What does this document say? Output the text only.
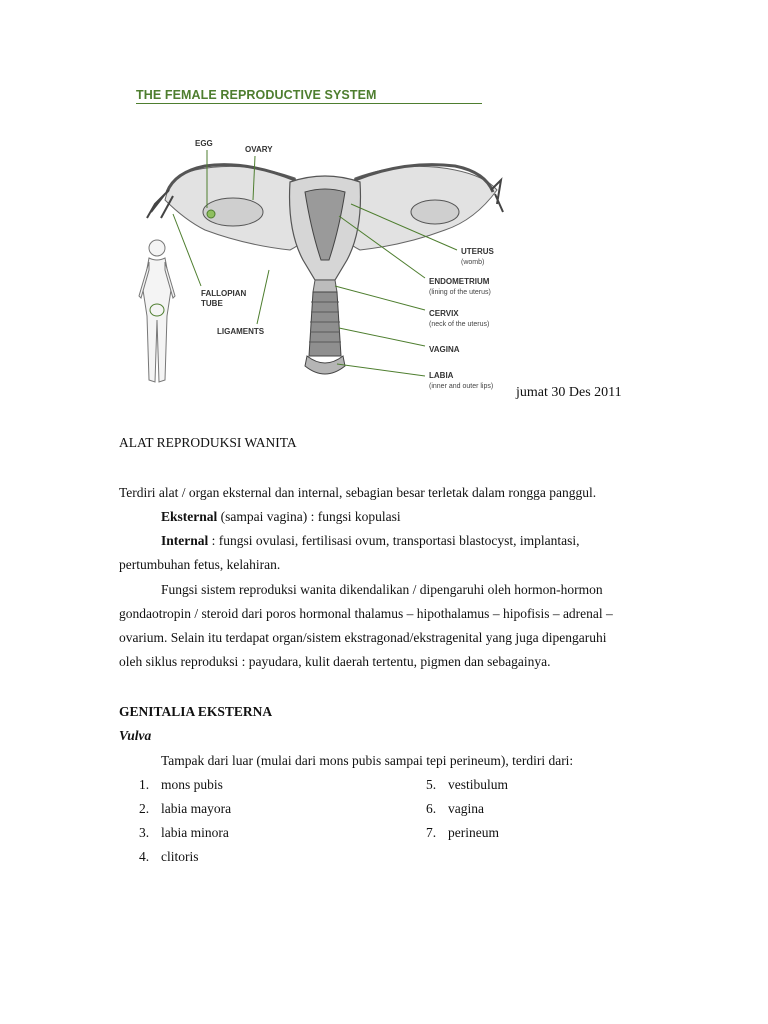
THE FEMALE REPRODUCTIVE SYSTEM
EGG
OVARY
FALLOPIAN
TUBE
LIGAMENTS
UTERUS
(womb)
ENDOMETRIUM
(lining of the uterus)
CERVIX
(neck of the uterus)
VAGINA
LABIA
(inner and outer lips) jumat 30 Des 2011
ALAT REPRODUKSI WANITA
Terdiri alat / organ eksternal dan internal, sebagian besar terletak dalam rongga panggul.
Eksternal (sampai vagina) : fungsi kopulasi
Internal : fungsi ovulasi, fertilisasi ovum, transportasi blastocyst, implantasi,
pertumbuhan fetus, kelahiran.
Fungsi sistem reproduksi wanita dikendalikan / dipengaruhi oleh hormon-hormon
gondaotropin / steroid dari poros hormonal thalamus – hipothalamus – hipofisis – adrenal –
ovarium. Selain itu terdapat organ/sistem ekstragonad/ekstragenital yang juga dipengaruhi
oleh siklus reproduksi : payudara, kulit daerah tertentu, pigmen dan sebagainya.
GENITALIA EKSTERNA
Vulva
Tampak dari luar (mulai dari mons pubis sampai tepi perineum), terdiri dari:
1. mons pubis
2. labia mayora
3. labia minora
4. clitoris
5. vestibulum
6. vagina
7. perineum
